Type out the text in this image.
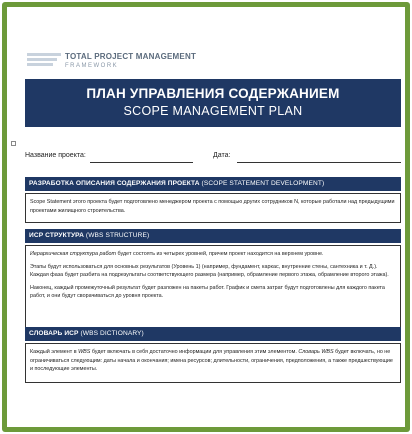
TOTAL PROJECT MANAGEMENT
FRAMEWORK
ПЛАН УПРАВЛЕНИЯ СОДЕРЖАНИЕМ
SCOPE MANAGEMENT PLAN
Название проекта:	Дата:
РАЗРАБОТКА ОПИСАНИЯ СОДЕРЖАНИЯ ПРОЕКТА (SCOPE STATEMENT DEVELOPMENT)

Scope Statement этого проекта будет подготовлено менеджером проекта с помощью других сотрудников N, которые работали над предыдущими проектами жилищного строительства.

ИСР СТРУКТУРА (WBS STRUCTURE)

Иерархическая структура работ будет состоять из четырех уровней, причем проект находится на верхнем уровне.

Этапы будут использоваться для основных результатов (Уровень 1) (например, фундамент, каркас, внутренние стены, сантехника и т. Д.). Каждая фаза будет разбита на подрезультаты соответствующего размера (например, обрамление первого этажа, обрамление второго этажа).

Наконец, каждый промежуточный результат будет разложен на пакеты работ. График и смета затрат будут подготовлены для каждого пакета работ, и они будут сворачиваться до уровня проекта.

СЛОВАРЬ ИСР (WBS DICTIONARY)

Каждый элемент в WBS будет включать в себя достаточно информации для управления этим элементом. Словарь WBS будет включать, но не ограничиваться следующим: даты начала и окончания; имена ресурсов; длительности, ограничения, предположения, а также предшествующие и последующие элементы.
